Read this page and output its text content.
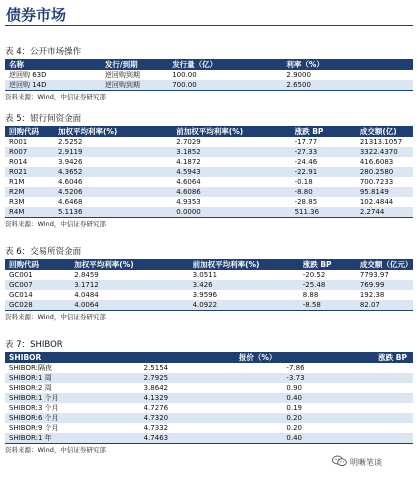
债券市场
表 4：公开市场操作
名称	发行/到期	发行量（亿）	利率（%）
逆回购 63D	逆回购到期	100.00	2.9000
逆回购 14D	逆回购到期	700.00	2.6500
资料来源：Wind，中信证券研究部
表 5：银行间资金面
回购代码	加权平均利率(%)	前加权平均利率(%)	涨跌 BP	成交额(亿)
R001	2.5252	2.7029	-17.77	21313.1057
R007	2.9119	3.1852	-27.33	3322.4370
R014	3.9426	4.1872	-24.46	416.6083
R021	4.3652	4.5943	-22.91	280.2580
R1M	4.6046	4.6064	-0.18	700.7233
R2M	4.5206	4.6086	-8.80	95.8149
R3M	4.6468	4.9353	-28.85	102.4844
R4M	5.1136	0.0000	511.36	2.2744
资料来源：Wind，中信证券研究部
表 6：交易所资金面
回购代码	加权平均利率(%)	前加权平均利率(%)	涨跌 BP	成交额（亿元）
GC001	2.8459	3.0511	-20.52	7793.97
GC007	3.1712	3.426	-25.48	769.99
GC014	4.0484	3.9596	8.88	192.38
GC028	4.0064	4.0922	-8.58	82.07
资料来源：Wind，中信证券研究部
表 7：SHIBOR
SHIBOR	报价（%）	涨跌 BP
SHIBOR:隔夜	2.5154	-7.86
SHIBOR:1 周	2.7925	-3.73
SHIBOR:2 周	3.8642	0.90
SHIBOR:1 个月	4.1329	0.40
SHIBOR:3 个月	4.7276	0.19
SHIBOR:6 个月	4.7320	0.20
SHIBOR:9 个月	4.7332	0.20
SHIBOR:1 年	4.7463	0.40
资料来源：Wind，中信证券研究部
明晰笔谈
